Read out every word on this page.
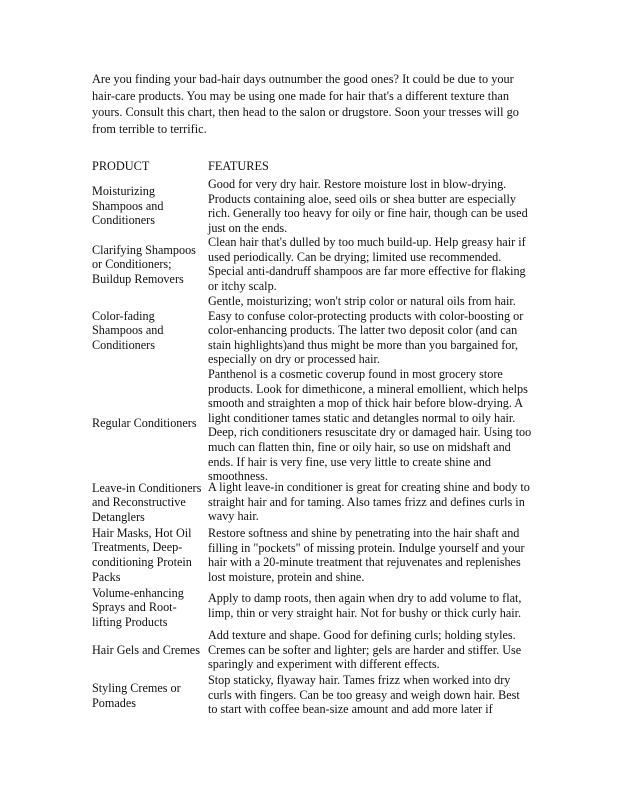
Are you finding your bad-hair days outnumber the good ones? It could be due to your hair-care products. You may be using one made for hair that's a different texture than yours. Consult this chart, then head to the salon or drugstore. Soon your tresses will go from terrible to terrific.

PRODUCT	FEATURES

Moisturizing Shampoos and Conditioners

Good for very dry hair. Restore moisture lost in blow-drying. Products containing aloe, seed oils or shea butter are especially rich. Generally too heavy for oily or fine hair, though can be used just on the ends.

Clarifying Shampoos or Conditioners; Buildup Removers

Clean hair that's dulled by too much build-up. Help greasy hair if used periodically. Can be drying; limited use recommended. Special anti-dandruff shampoos are far more effective for flaking or itchy scalp.

Color-fading Shampoos and Conditioners

Gentle, moisturizing; won't strip color or natural oils from hair. Easy to confuse color-protecting products with color-boosting or color-enhancing products. The latter two deposit color (and can stain highlights)and thus might be more than you bargained for, especially on dry or processed hair.

Regular Conditioners

Panthenol is a cosmetic coverup found in most grocery store products. Look for dimethicone, a mineral emollient, which helps smooth and straighten a mop of thick hair before blow-drying. A light conditioner tames static and detangles normal to oily hair. Deep, rich conditioners resuscitate dry or damaged hair. Using too much can flatten thin, fine or oily hair, so use on midshaft and ends. If hair is very fine, use very little to create shine and smoothness.

Leave-in Conditioners and Reconstructive Detanglers

A light leave-in conditioner is great for creating shine and body to straight hair and for taming. Also tames frizz and defines curls in wavy hair.

Hair Masks, Hot Oil Treatments, Deep-conditioning Protein Packs

Restore softness and shine by penetrating into the hair shaft and filling in "pockets" of missing protein. Indulge yourself and your hair with a 20-minute treatment that rejuvenates and replenishes lost moisture, protein and shine.

Volume-enhancing Sprays and Root-lifting Products

Apply to damp roots, then again when dry to add volume to flat, limp, thin or very straight hair. Not for bushy or thick curly hair.

Hair Gels and Cremes

Add texture and shape. Good for defining curls; holding styles. Cremes can be softer and lighter; gels are harder and stiffer. Use sparingly and experiment with different effects.

Styling Cremes or Pomades

Stop staticky, flyaway hair. Tames frizz when worked into dry curls with fingers. Can be too greasy and weigh down hair. Best to start with coffee bean-size amount and add more later if
